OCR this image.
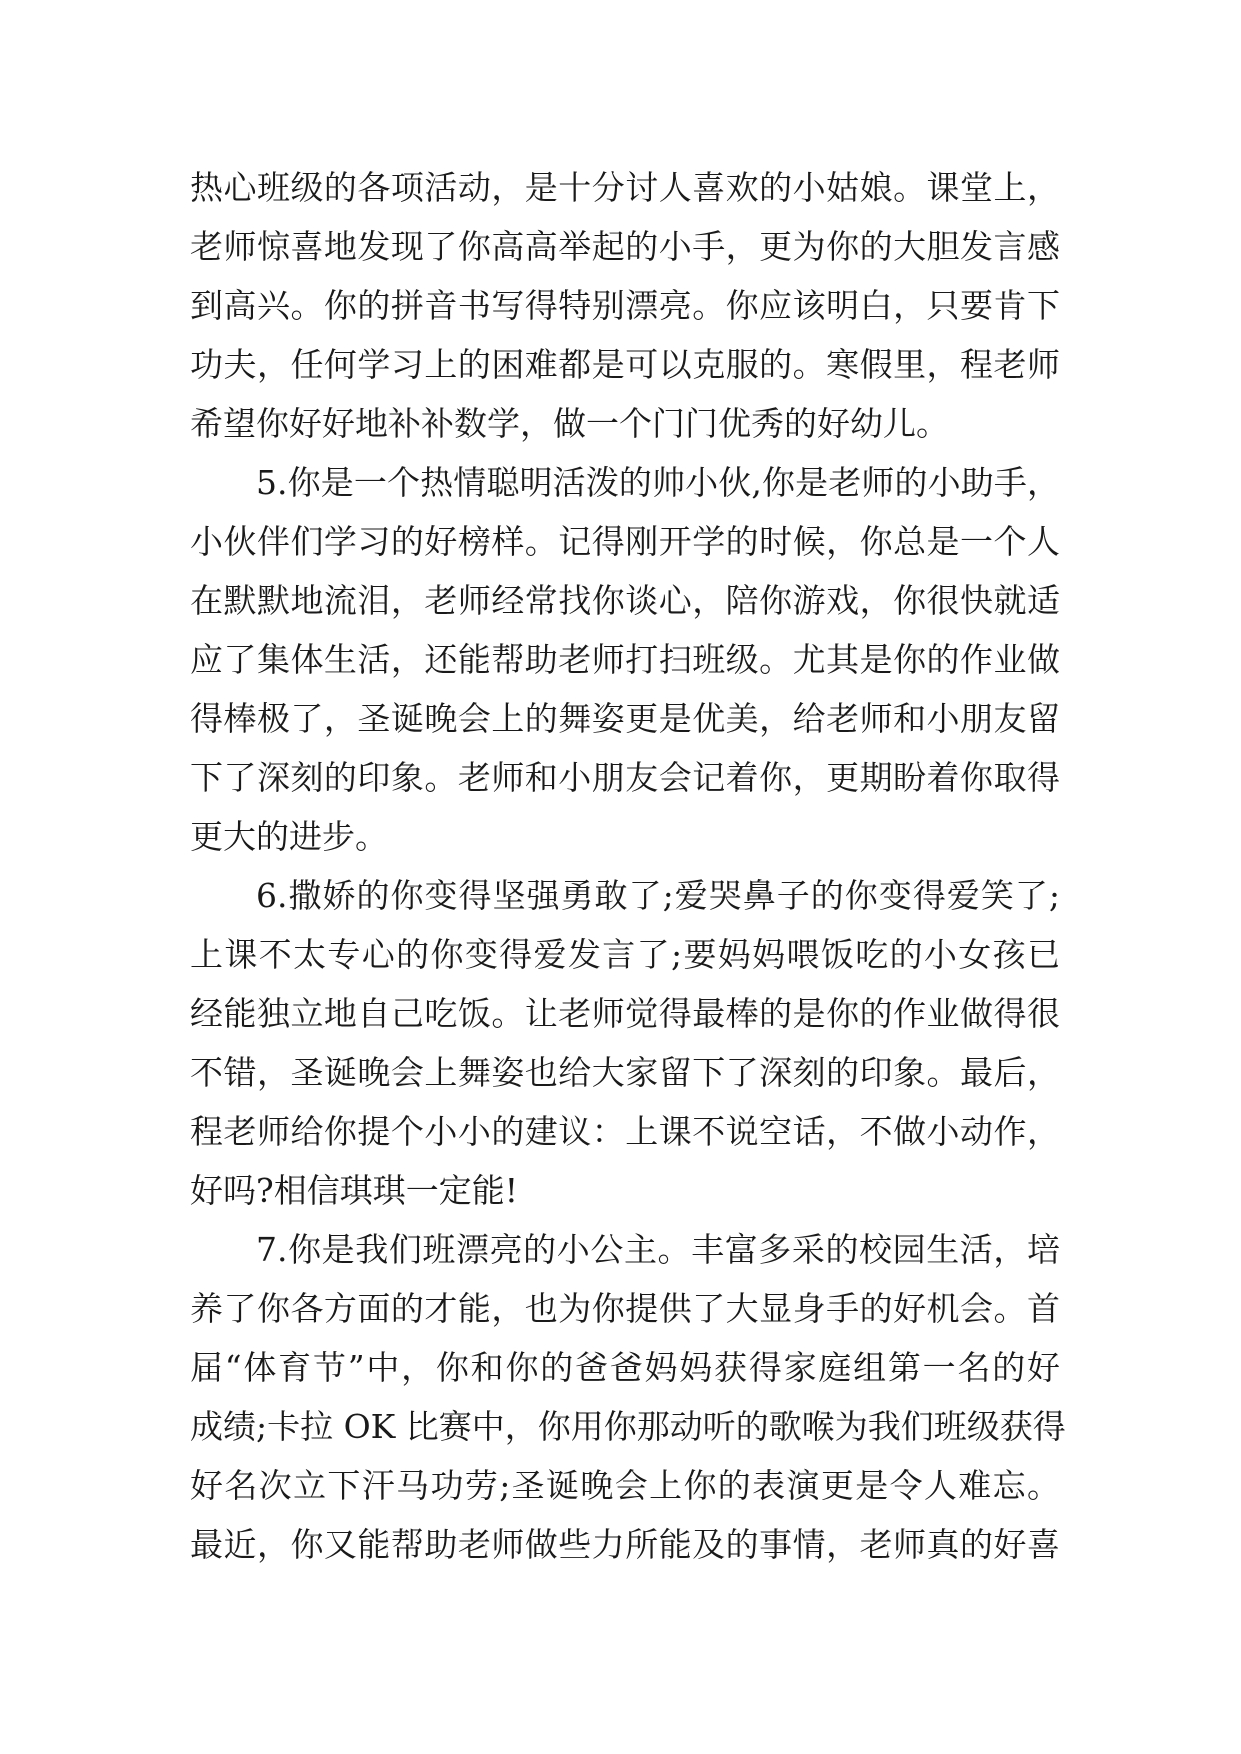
热心班级的各项活动，是十分讨人喜欢的小姑娘。课堂上，
老师惊喜地发现了你高高举起的小手，更为你的大胆发言感
到高兴。你的拼音书写得特别漂亮。你应该明白，只要肯下
功夫，任何学习上的困难都是可以克服的。寒假里，程老师
希望你好好地补补数学，做一个门门优秀的好幼儿。
5.你是一个热情聪明活泼的帅小伙,你是老师的小助手，
小伙伴们学习的好榜样。记得刚开学的时候，你总是一个人
在默默地流泪，老师经常找你谈心，陪你游戏，你很快就适
应了集体生活，还能帮助老师打扫班级。尤其是你的作业做
得棒极了，圣诞晚会上的舞姿更是优美，给老师和小朋友留
下了深刻的印象。老师和小朋友会记着你，更期盼着你取得
更大的进步。
6.撒娇的你变得坚强勇敢了;爱哭鼻子的你变得爱笑了;
上课不太专心的你变得爱发言了;要妈妈喂饭吃的小女孩已
经能独立地自己吃饭。让老师觉得最棒的是你的作业做得很
不错，圣诞晚会上舞姿也给大家留下了深刻的印象。最后，
程老师给你提个小小的建议：上课不说空话，不做小动作，
好吗?相信琪琪一定能!
7.你是我们班漂亮的小公主。丰富多采的校园生活，培
养了你各方面的才能，也为你提供了大显身手的好机会。首
届“体育节”中，你和你的爸爸妈妈获得家庭组第一名的好
成绩;卡拉 OK 比赛中，你用你那动听的歌喉为我们班级获得
好名次立下汗马功劳;圣诞晚会上你的表演更是令人难忘。
最近，你又能帮助老师做些力所能及的事情，老师真的好喜
